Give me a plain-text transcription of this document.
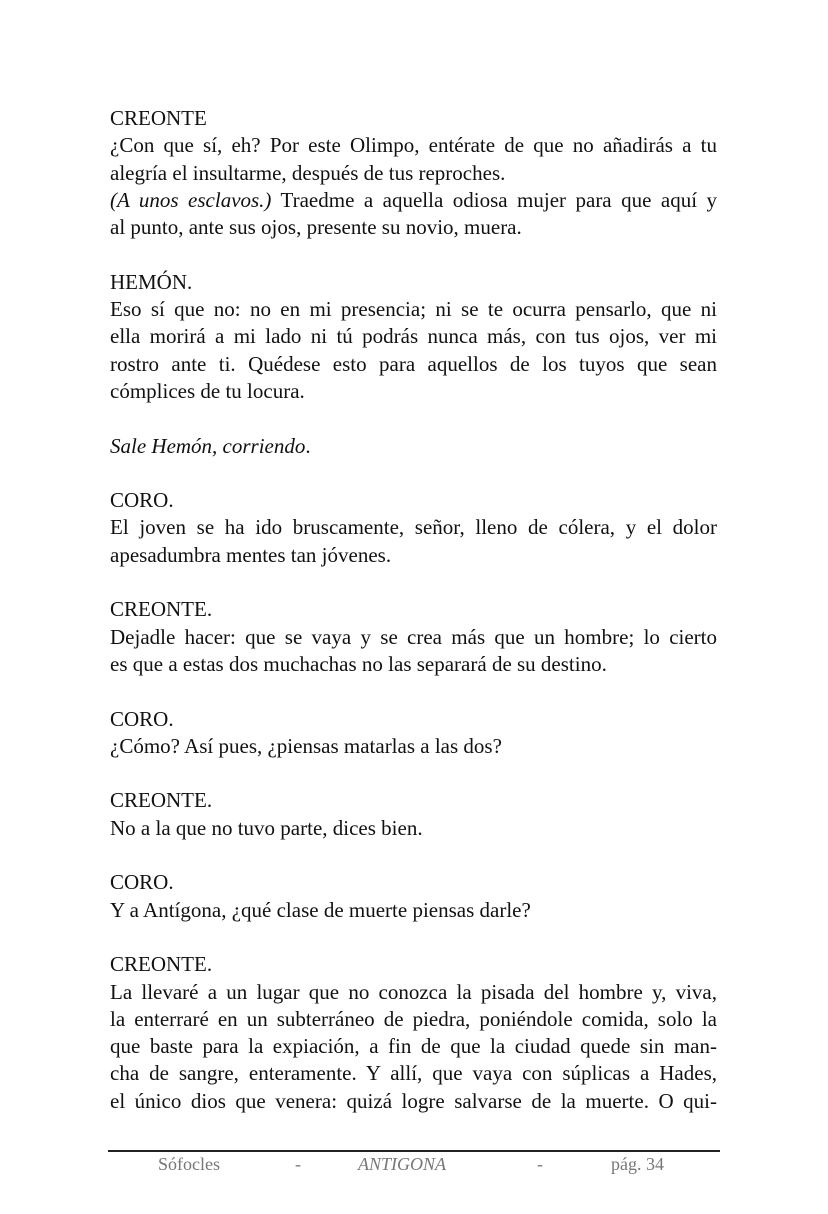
CREONTE
¿Con que sí, eh? Por este Olimpo, entérate de que no añadirás a tu
alegría el insultarme, después de tus reproches.
(A unos esclavos.) Traedme a aquella odiosa mujer para que aquí y
al punto, ante sus ojos, presente su novio, muera.
HEMÓN.
Eso sí que no: no en mi presencia; ni se te ocurra pensarlo, que ni
ella morirá a mi lado ni tú podrás nunca más, con tus ojos, ver mi
rostro ante ti. Quédese esto para aquellos de los tuyos que sean
cómplices de tu locura.
Sale Hemón, corriendo.
CORO.
El joven se ha ido bruscamente, señor, lleno de cólera, y el dolor
apesadumbra mentes tan jóvenes.
CREONTE.
Dejadle hacer: que se vaya y se crea más que un hombre; lo cierto
es que a estas dos muchachas no las separará de su destino.
CORO.
¿Cómo? Así pues, ¿piensas matarlas a las dos?
CREONTE.
No a la que no tuvo parte, dices bien.
CORO.
Y a Antígona, ¿qué clase de muerte piensas darle?
CREONTE.
La llevaré a un lugar que no conozca la pisada del hombre y, viva,
la enterraré en un subterráneo de piedra, poniéndole comida, solo la
que baste para la expiación, a fin de que la ciudad quede sin man-
cha de sangre, enteramente. Y allí, que vaya con súplicas a Hades,
el único dios que venera: quizá logre salvarse de la muerte. O qui-
Sófocles	-	ANTIGONA	-	pág. 34
